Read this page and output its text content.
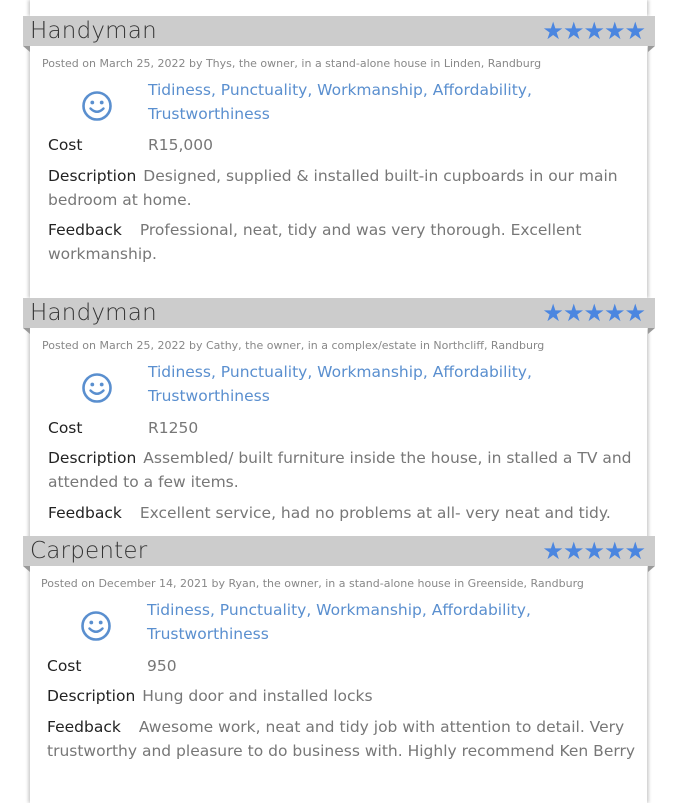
Handyman	★★★★★
Posted on March 25, 2022 by Thys, the owner, in a stand-alone house in Linden, Randburg
Tidiness, Punctuality, Workmanship, Affordability, Trustworthiness
Cost	R15,000
Description Designed, supplied & installed built-in cupboards in our main bedroom at home.
Feedback Professional, neat, tidy and was very thorough. Excellent workmanship.
Handyman	★★★★★
Posted on March 25, 2022 by Cathy, the owner, in a complex/estate in Northcliff, Randburg
Tidiness, Punctuality, Workmanship, Affordability, Trustworthiness
Cost	R1250
Description Assembled/ built furniture inside the house, in stalled a TV and attended to a few items.
Feedback Excellent service, had no problems at all- very neat and tidy.
Carpenter	★★★★★
Posted on December 14, 2021 by Ryan, the owner, in a stand-alone house in Greenside, Randburg
Tidiness, Punctuality, Workmanship, Affordability, Trustworthiness
Cost	950
Description Hung door and installed locks
Feedback Awesome work, neat and tidy job with attention to detail. Very trustworthy and pleasure to do business with. Highly recommend Ken Berry
